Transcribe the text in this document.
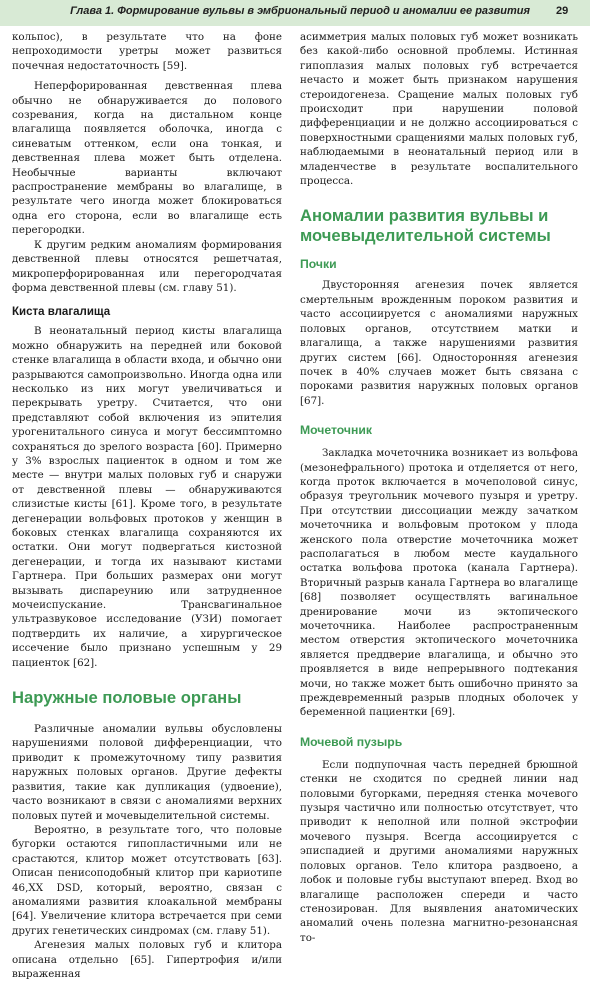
Глава 1. Формирование вульвы в эмбриональный период и аномалии ее развития 29

кольпос), в результате что на фоне непроходимости уретры может развиться почечная недостаточность [59].

Неперфорированная девственная плева обычно не обнаруживается до полового созревания, когда на дистальном конце влагалища появляется оболочка, иногда с синеватым оттенком, если она тонкая, и девственная плева может быть отделена. Необычные варианты включают распространение мембраны во влагалище, в результате чего иногда может блокироваться одна его сторона, если во влагалище есть перегородки.

К другим редким аномалиям формирования девственной плевы относятся решетчатая, микроперфорированная или перегородчатая форма девственной плевы (см. главу 51).

Киста влагалища

В неонатальный период кисты влагалища можно обнаружить на передней или боковой стенке влагалища в области входа, и обычно они разрываются самопроизвольно. Иногда одна или несколько из них могут увеличиваться и перекрывать уретру. Считается, что они представляют собой включения из эпителия урогенитального синуса и могут бессимптомно сохраняться до зрелого возраста [60]. Примерно у 3% взрослых пациенток в одном и том же месте — внутри малых половых губ и снаружи от девственной плевы — обнаруживаются слизистые кисты [61]. Кроме того, в результате дегенерации вольфовых протоков у женщин в боковых стенках влагалища сохраняются их остатки. Они могут подвергаться кистозной дегенерации, и тогда их называют кистами Гартнера. При больших размерах они могут вызывать диспареунию или затрудненное мочеиспускание. Трансвагинальное ультразвуковое исследование (УЗИ) помогает подтвердить их наличие, а хирургическое иссечение было признано успешным у 29 пациенток [62].

Наружные половые органы

Различные аномалии вульвы обусловлены нарушениями половой дифференциации, что приводит к промежуточному типу развития наружных половых органов. Другие дефекты развития, такие как дупликация (удвоение), часто возникают в связи с аномалиями верхних половых путей и мочевыделительной системы.

Вероятно, в результате того, что половые бугорки остаются гипопластичными или не срастаются, клитор может отсутствовать [63]. Описан пенисоподобный клитор при кариотипе 46,XX DSD, который, вероятно, связан с аномалиями развития клоакальной мембраны [64]. Увеличение клитора встречается при семи других генетических синдромах (см. главу 51).

Агенезия малых половых губ и клитора описана отдельно [65]. Гипертрофия и/или выраженная

асимметрия малых половых губ может возникать без какой-либо основной проблемы. Истинная гипоплазия малых половых губ встречается нечасто и может быть признаком нарушения стероидогенеза. Сращение малых половых губ происходит при нарушении половой дифференциации и не должно ассоциироваться с поверхностными сращениями малых половых губ, наблюдаемыми в неонатальный период или в младенчестве в результате воспалительного процесса.

Аномалии развития вульвы и мочевыделительной системы
Почки

Двусторонняя агенезия почек является смертельным врожденным пороком развития и часто ассоциируется с аномалиями наружных половых органов, отсутствием матки и влагалища, а также нарушениями развития других систем [66]. Односторонняя агенезия почек в 40% случаев может быть связана с пороками развития наружных половых органов [67].

Мочеточник

Закладка мочеточника возникает из вольфова (мезонефрального) протока и отделяется от него, когда проток включается в мочеполовой синус, образуя треугольник мочевого пузыря и уретру. При отсутствии диссоциации между зачатком мочеточника и вольфовым протоком у плода женского пола отверстие мочеточника может располагаться в любом месте каудального остатка вольфова протока (канала Гартнера). Вторичный разрыв канала Гартнера во влагалище [68] позволяет осуществлять вагинальное дренирование мочи из эктопического мочеточника. Наиболее распространенным местом отверстия эктопического мочеточника является преддверие влагалища, и обычно это проявляется в виде непрерывного подтекания мочи, но также может быть ошибочно принято за преждевременный разрыв плодных оболочек у беременной пациентки [69].

Мочевой пузырь

Если подпупочная часть передней брюшной стенки не сходится по средней линии над половыми бугорками, передняя стенка мочевого пузыря частично или полностью отсутствует, что приводит к неполной или полной экстрофии мочевого пузыря. Всегда ассоциируется с эписпадией и другими аномалиями наружных половых органов. Тело клитора раздвоено, а лобок и половые губы выступают вперед. Вход во влагалище расположен спереди и часто стенозирован. Для выявления анатомических аномалий очень полезна магнитно-резонансная то-
